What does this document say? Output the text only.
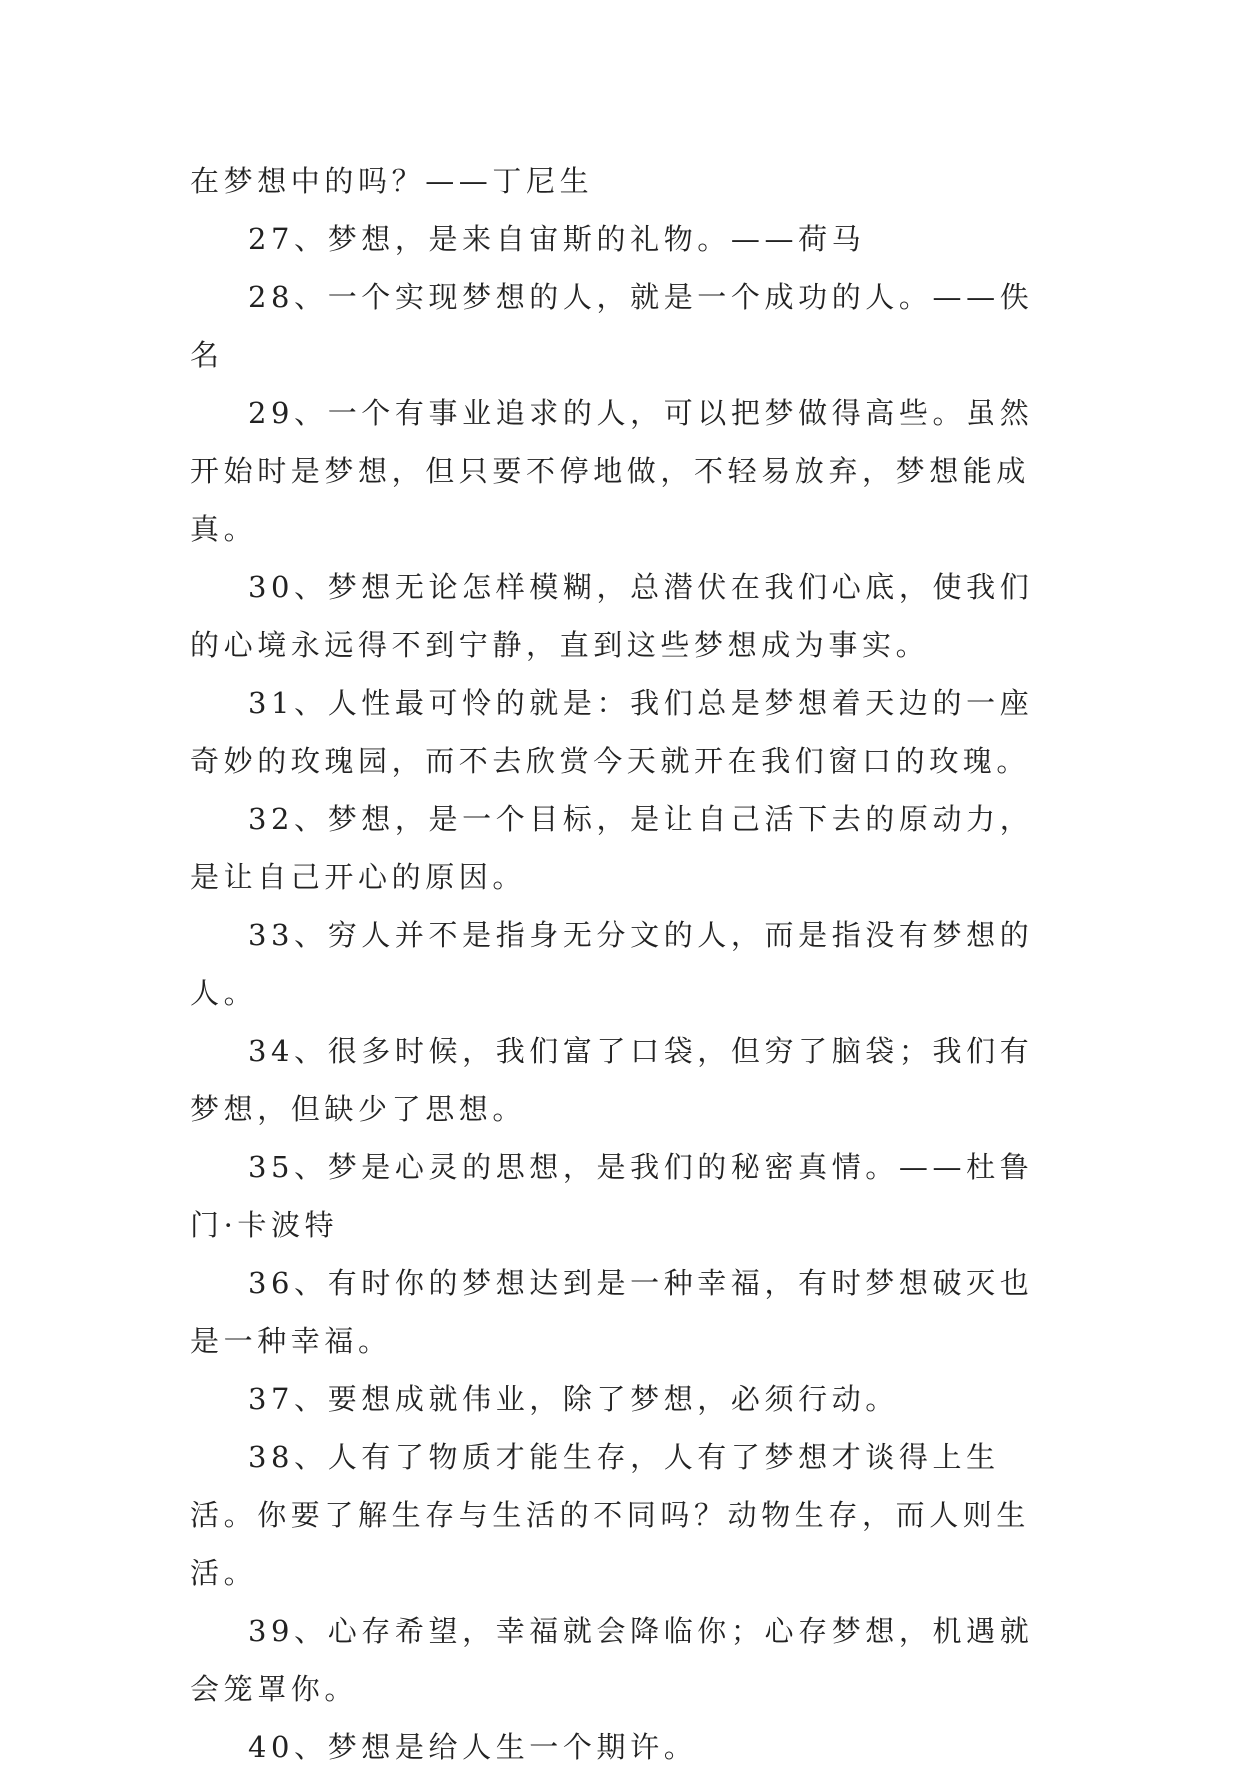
在梦想中的吗？——丁尼生

27、梦想，是来自宙斯的礼物。——荷马

28、一个实现梦想的人，就是一个成功的人。——佚名

29、一个有事业追求的人，可以把梦做得高些。虽然开始时是梦想，但只要不停地做，不轻易放弃，梦想能成真。

30、梦想无论怎样模糊，总潜伏在我们心底，使我们的心境永远得不到宁静，直到这些梦想成为事实。

31、人性最可怜的就是：我们总是梦想着天边的一座奇妙的玫瑰园，而不去欣赏今天就开在我们窗口的玫瑰。

32、梦想，是一个目标，是让自己活下去的原动力，是让自己开心的原因。

33、穷人并不是指身无分文的人，而是指没有梦想的人。

34、很多时候，我们富了口袋，但穷了脑袋；我们有梦想，但缺少了思想。

35、梦是心灵的思想，是我们的秘密真情。——杜鲁门·卡波特

36、有时你的梦想达到是一种幸福，有时梦想破灭也是一种幸福。

37、要想成就伟业，除了梦想，必须行动。

38、人有了物质才能生存，人有了梦想才谈得上生活。你要了解生存与生活的不同吗？动物生存，而人则生活。

39、心存希望，幸福就会降临你；心存梦想，机遇就会笼罩你。

40、梦想是给人生一个期许。
